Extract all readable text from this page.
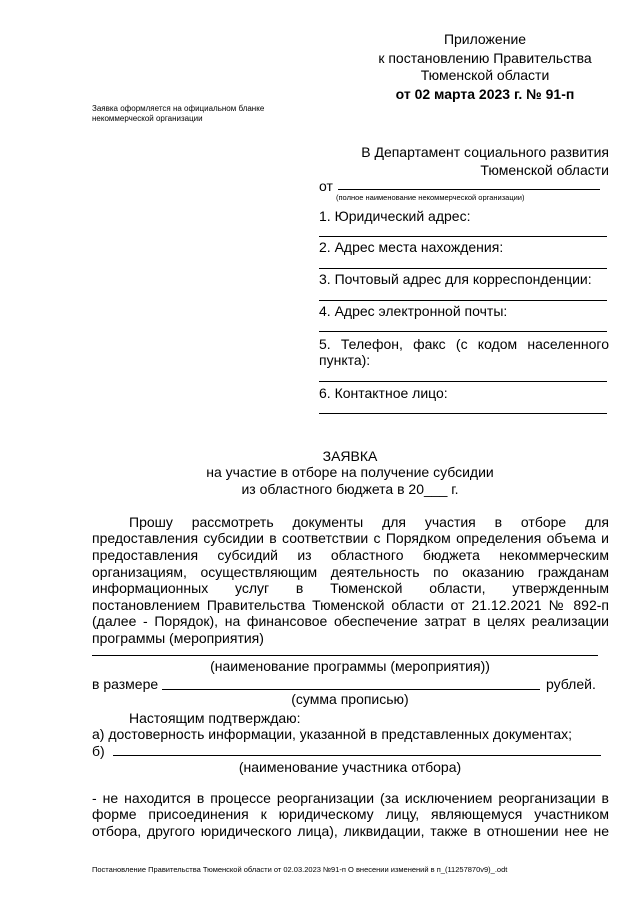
Приложение
к постановлению Правительства
Тюменской области
от 02 марта 2023 г. № 91-п
Заявка оформляется на официальном бланке
некоммерческой организации
В Департамент социального развития
Тюменской области
от
(полное наименование некоммерческой организации)
1. Юридический адрес:
2. Адрес места нахождения:
3. Почтовый адрес для корреспонденции:
4. Адрес электронной почты:
5. Телефон, факс (с кодом населенного
пункта):
6. Контактное лицо:
ЗАЯВКА
на участие в отборе на получение субсидии
из областного бюджета в 20___ г.
Прошу рассмотреть документы для участия в отборе для
предоставления субсидии в соответствии с Порядком определения объема и
предоставления субсидий из областного бюджета некоммерческим
организациям, осуществляющим деятельность по оказанию гражданам
информационных услуг в Тюменской области, утвержденным
постановлением Правительства Тюменской области от 21.12.2021 № 892-п
(далее - Порядок), на финансовое обеспечение затрат в целях реализации
программы (мероприятия)
(наименование программы (мероприятия))
в размере	рублей.
(сумма прописью)
Настоящим подтверждаю:
а) достоверность информации, указанной в представленных документах;
б)
(наименование участника отбора)
- не находится в процессе реорганизации (за исключением реорганизации в
форме присоединения к юридическому лицу, являющемуся участником
отбора, другого юридического лица), ликвидации, также в отношении нее не
Постановление Правительства Тюменской области от 02.03.2023 №91-п О внесении изменений в п_(11257870v9)_.odt
